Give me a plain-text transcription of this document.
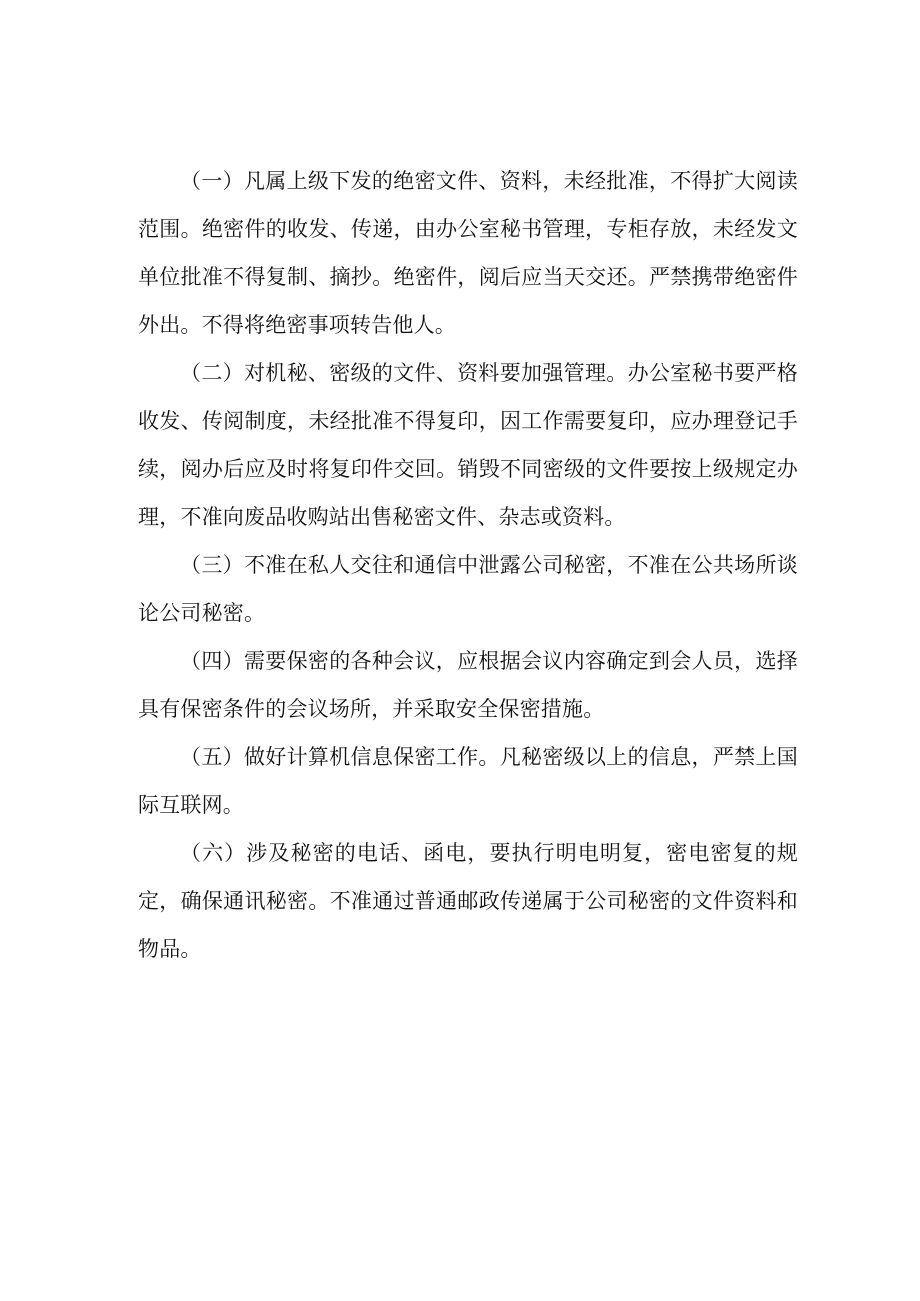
（一）凡属上级下发的绝密文件、资料，未经批准，不得扩大阅读范围。绝密件的收发、传递，由办公室秘书管理，专柜存放，未经发文单位批准不得复制、摘抄。绝密件，阅后应当天交还。严禁携带绝密件外出。不得将绝密事项转告他人。

（二）对机秘、密级的文件、资料要加强管理。办公室秘书要严格收发、传阅制度，未经批准不得复印，因工作需要复印，应办理登记手续，阅办后应及时将复印件交回。销毁不同密级的文件要按上级规定办理，不准向废品收购站出售秘密文件、杂志或资料。

（三）不准在私人交往和通信中泄露公司秘密，不准在公共场所谈论公司秘密。

（四）需要保密的各种会议，应根据会议内容确定到会人员，选择具有保密条件的会议场所，并采取安全保密措施。

（五）做好计算机信息保密工作。凡秘密级以上的信息，严禁上国际互联网。

（六）涉及秘密的电话、函电，要执行明电明复，密电密复的规定，确保通讯秘密。不准通过普通邮政传递属于公司秘密的文件资料和物品。
